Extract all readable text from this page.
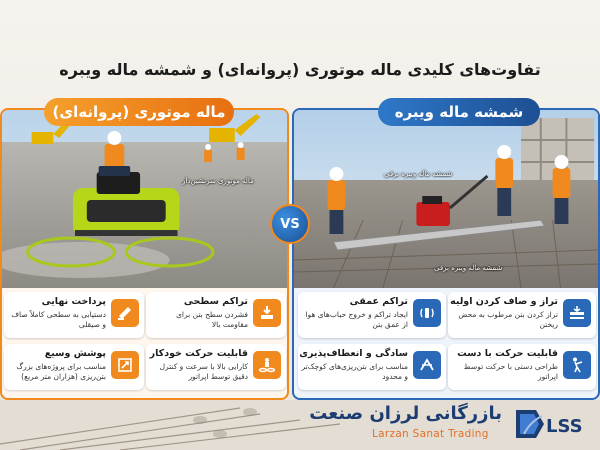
تفاوت‌های کلیدی ماله موتوری (پروانه‌ای) و شمشه ماله ویبره
ماله موتوری سرنشین‌دار
شمشه ماله ویبره برقی
شمشه ماله ویبره برقی
ماله موتوری (پروانه‌ای)	شمشه ماله ویبره
VS
پرداخت نهایی
دستیابی به سطحی کاملاً صاف و صیقلی
تراکم سطحی
فشردن سطح بتن برای مقاومت بالا
پوشش وسیع
مناسب برای پروژه‌های بزرگ بتن‌ریزی (هزاران متر مربع)
قابلیت حرکت خودکار
کارایی بالا با سرعت و کنترل دقیق توسط اپراتور
تراکم عمقی
ایجاد تراکم و خروج حباب‌های هوا از عمق بتن
تراز و صاف کردن اولیه
تراز کردن بتن مرطوب به محض ریختن
سادگی و انعطاف‌پذیری
مناسب برای بتن‌ریزی‌های کوچک‌تر و محدود
قابلیت حرکت با دست
طراحی دستی با حرکت توسط اپراتور
بازرگانی لرزان صنعت
Larzan Sanat Trading	LSS
